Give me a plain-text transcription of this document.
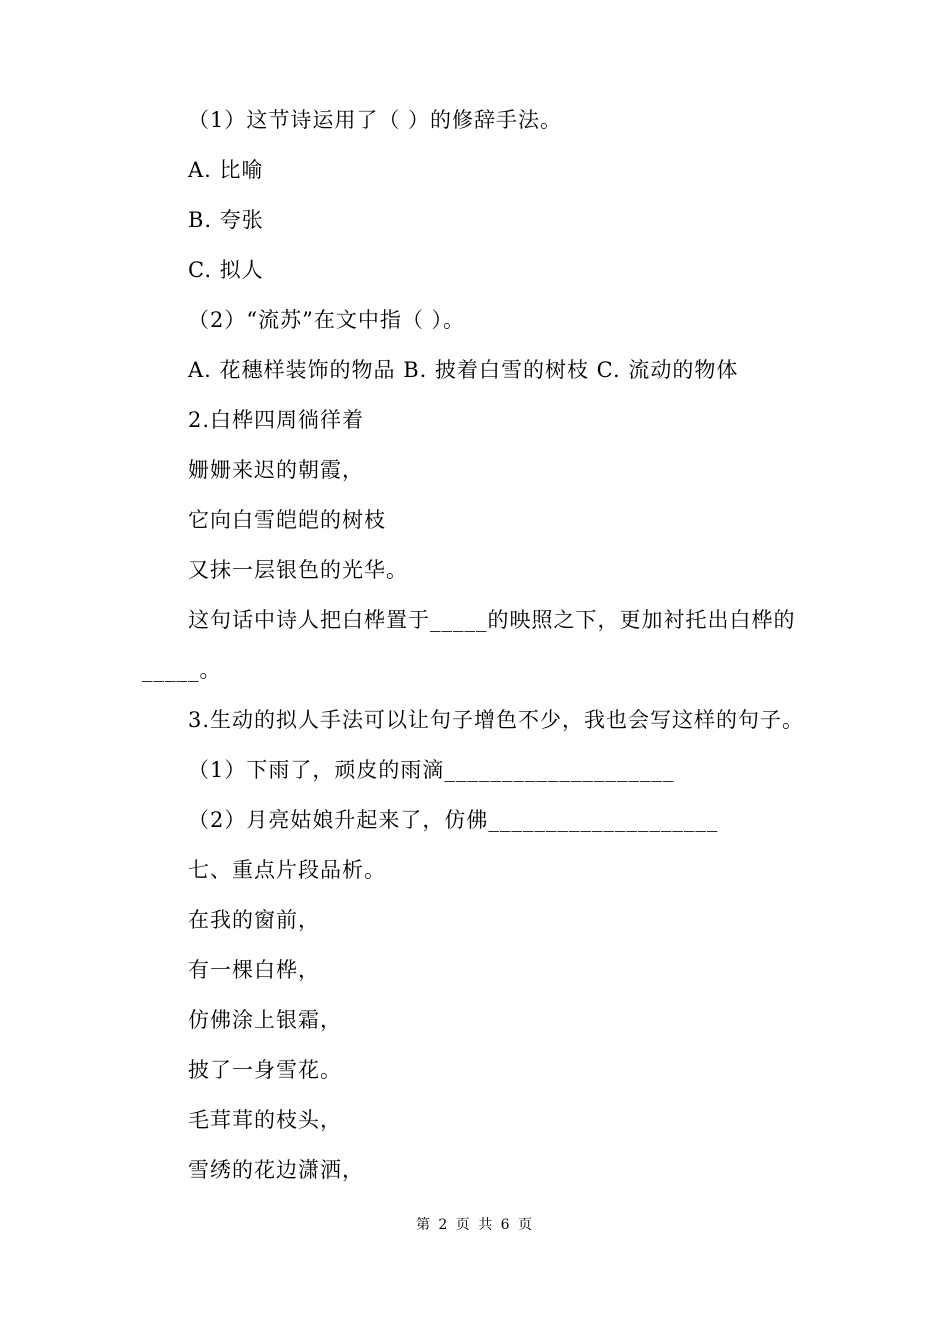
（1）这节诗运用了（ ）的修辞手法。
A. 比喻
B. 夸张
C. 拟人
（2）“流苏”在文中指（ ）。
A. 花穗样装饰的物品 B. 披着白雪的树枝 C. 流动的物体
2.白桦四周徜徉着
姗姗来迟的朝霞，
它向白雪皑皑的树枝
又抹一层银色的光华。
这句话中诗人把白桦置于_____的映照之下，更加衬托出白桦的
_____。
3.生动的拟人手法可以让句子增色不少，我也会写这样的句子。
（1）下雨了，顽皮的雨滴____________________
（2）月亮姑娘升起来了，仿佛____________________
七、重点片段品析。
在我的窗前，
有一棵白桦，
仿佛涂上银霜，
披了一身雪花。
毛茸茸的枝头，
雪绣的花边潇洒，
第 2 页 共 6 页
